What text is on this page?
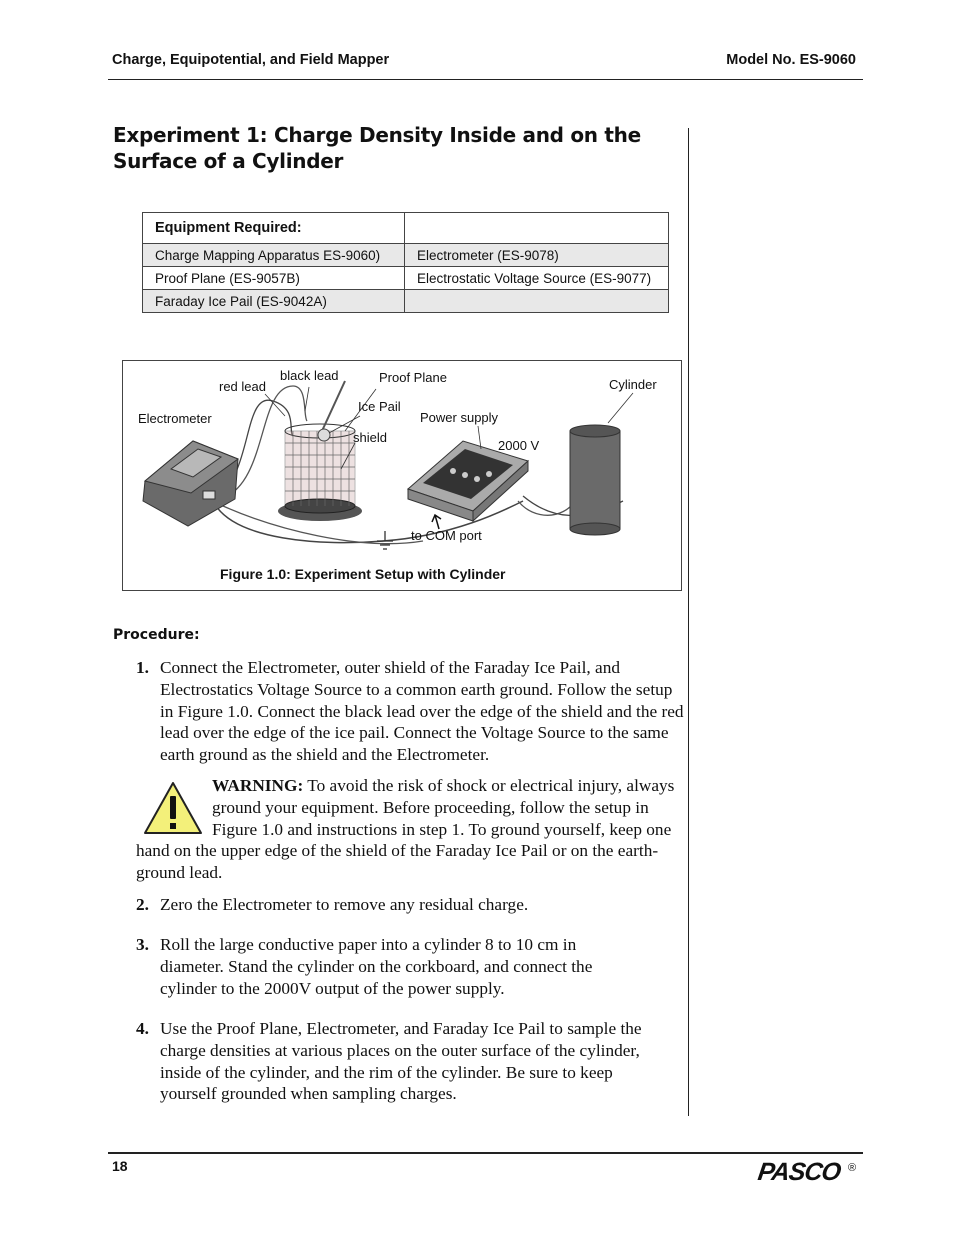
Charge, Equipotential, and Field Mapper	Model No. ES-9060
Experiment 1: Charge Density Inside and on the Surface of a Cylinder
Equipment Required:	
Charge Mapping Apparatus ES-9060)	Electrometer (ES-9078)
Proof Plane (ES-9057B)	Electrostatic Voltage Source (ES-9077)
Faraday Ice Pail (ES-9042A)	
red lead
black lead	Proof Plane
Ice Pail
shield
Electrometer	Power supply
2000 V
Cylinder
to COM port
Figure 1.0: Experiment Setup with Cylinder
Procedure:
1. Connect the Electrometer, outer shield of the Faraday Ice Pail, and Electrostatics Voltage Source to a common earth ground. Follow the setup in Figure 1.0. Connect the black lead over the edge of the shield and the red lead over the edge of the ice pail. Connect the Voltage Source to the same earth ground as the shield and the Electrometer.
WARNING: To avoid the risk of shock or electrical injury, always ground your equipment. Before proceeding, follow the setup in Figure 1.0 and instructions in step 1. To ground yourself, keep one hand on the upper edge of the shield of the Faraday Ice Pail or on the earth-ground lead.
2. Zero the Electrometer to remove any residual charge.
3. Roll the large conductive paper into a cylinder 8 to 10 cm in diameter. Stand the cylinder on the corkboard, and connect the cylinder to the 2000V output of the power supply.
4. Use the Proof Plane, Electrometer, and Faraday Ice Pail to sample the charge densities at various places on the outer surface of the cylinder, inside of the cylinder, and the rim of the cylinder. Be sure to keep yourself grounded when sampling charges.
18	PASCO ®
